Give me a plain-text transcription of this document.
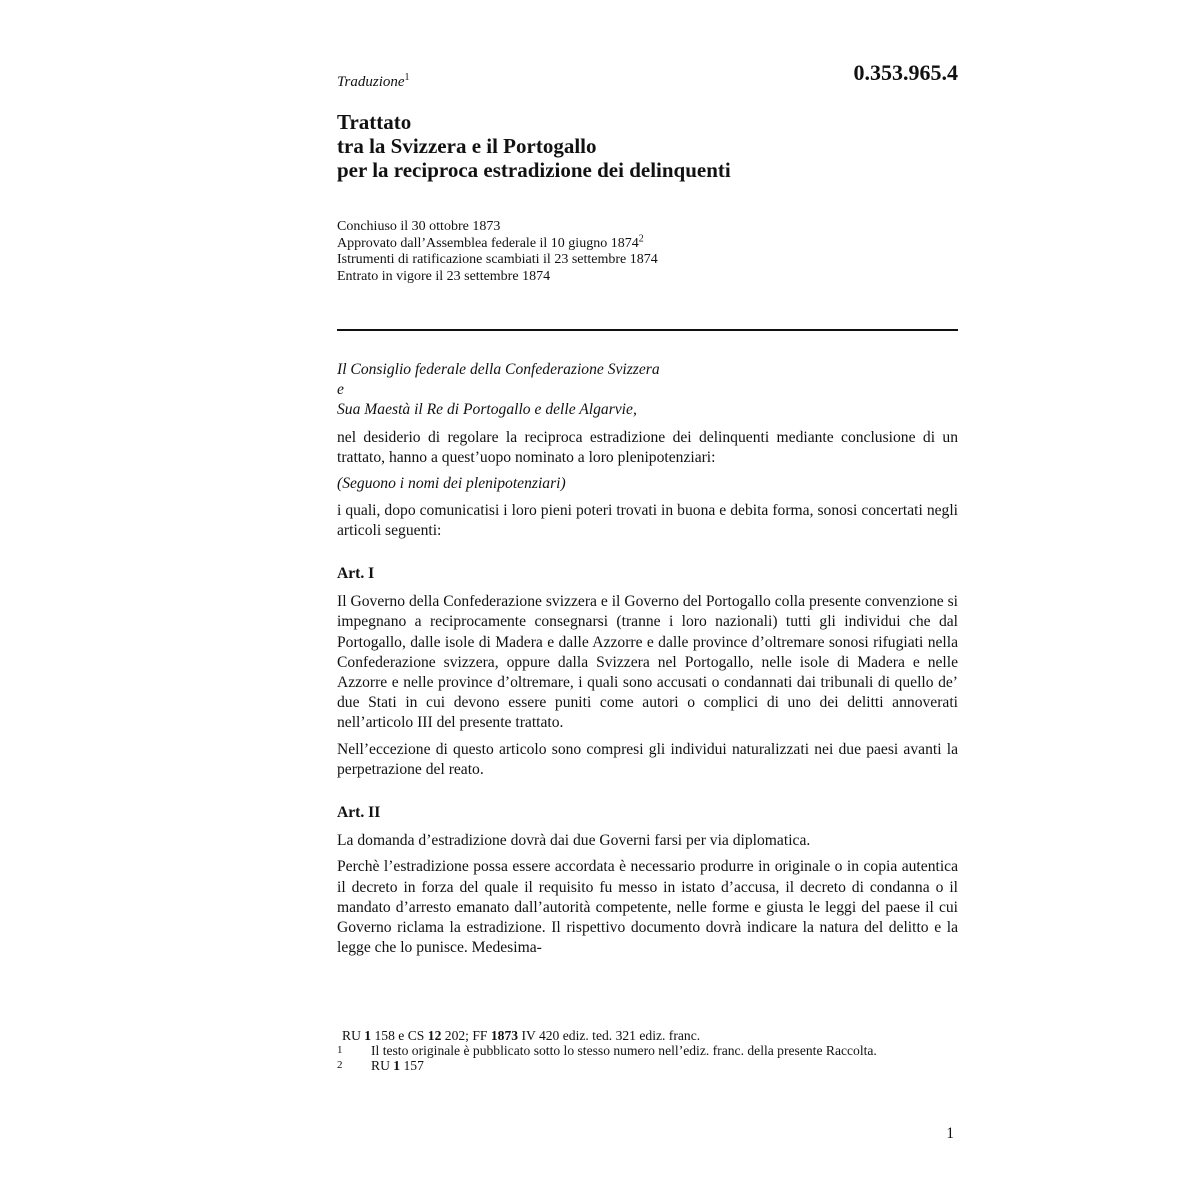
0.353.965.4
Traduzione$^1$
Trattato
tra la Svizzera e il Portogallo
per la reciproca estradizione dei delinquenti
Conchiuso il 30 ottobre 1873
Approvato dall’Assemblea federale il 10 giugno 1874$^2$
Istrumenti di ratificazione scambiati il 23 settembre 1874
Entrato in vigore il 23 settembre 1874
Il Consiglio federale della Confederazione Svizzera
e
Sua Maestà il Re di Portogallo e delle Algarvie,

nel desiderio di regolare la reciproca estradizione dei delinquenti mediante conclusione di un trattato, hanno a quest’uopo nominato a loro plenipotenziari:

(Seguono i nomi dei plenipotenziari)

i quali, dopo comunicatisi i loro pieni poteri trovati in buona e debita forma, sonosi concertati negli articoli seguenti:

Art. I

Il Governo della Confederazione svizzera e il Governo del Portogallo colla presente convenzione si impegnano a reciprocamente consegnarsi (tranne i loro nazionali) tutti gli individui che dal Portogallo, dalle isole di Madera e dalle Azzorre e dalle province d’oltremare sonosi rifugiati nella Confederazione svizzera, oppure dalla Svizzera nel Portogallo, nelle isole di Madera e nelle Azzorre e nelle province d’oltremare, i quali sono accusati o condannati dai tribunali di quello de’ due Stati in cui devono essere puniti come autori o complici di uno dei delitti annoverati nell’articolo III del presente trattato.

Nell’eccezione di questo articolo sono compresi gli individui naturalizzati nei due paesi avanti la perpetrazione del reato.

Art. II

La domanda d’estradizione dovrà dai due Governi farsi per via diplomatica.

Perchè l’estradizione possa essere accordata è necessario produrre in originale o in copia autentica il decreto in forza del quale il requisito fu messo in istato d’accusa, il decreto di condanna o il mandato d’arresto emanato dall’autorità competente, nelle forme e giusta le leggi del paese il cui Governo riclama la estradizione. Il rispettivo documento dovrà indicare la natura del delitto e la legge che lo punisce. Medesima-

RU 1 158 e CS 12 202; FF 1873 IV 420 ediz. ted. 321 ediz. franc.
1	Il testo originale è pubblicato sotto lo stesso numero nell’ediz. franc. della presente Raccolta.
2	RU 1 157
1
